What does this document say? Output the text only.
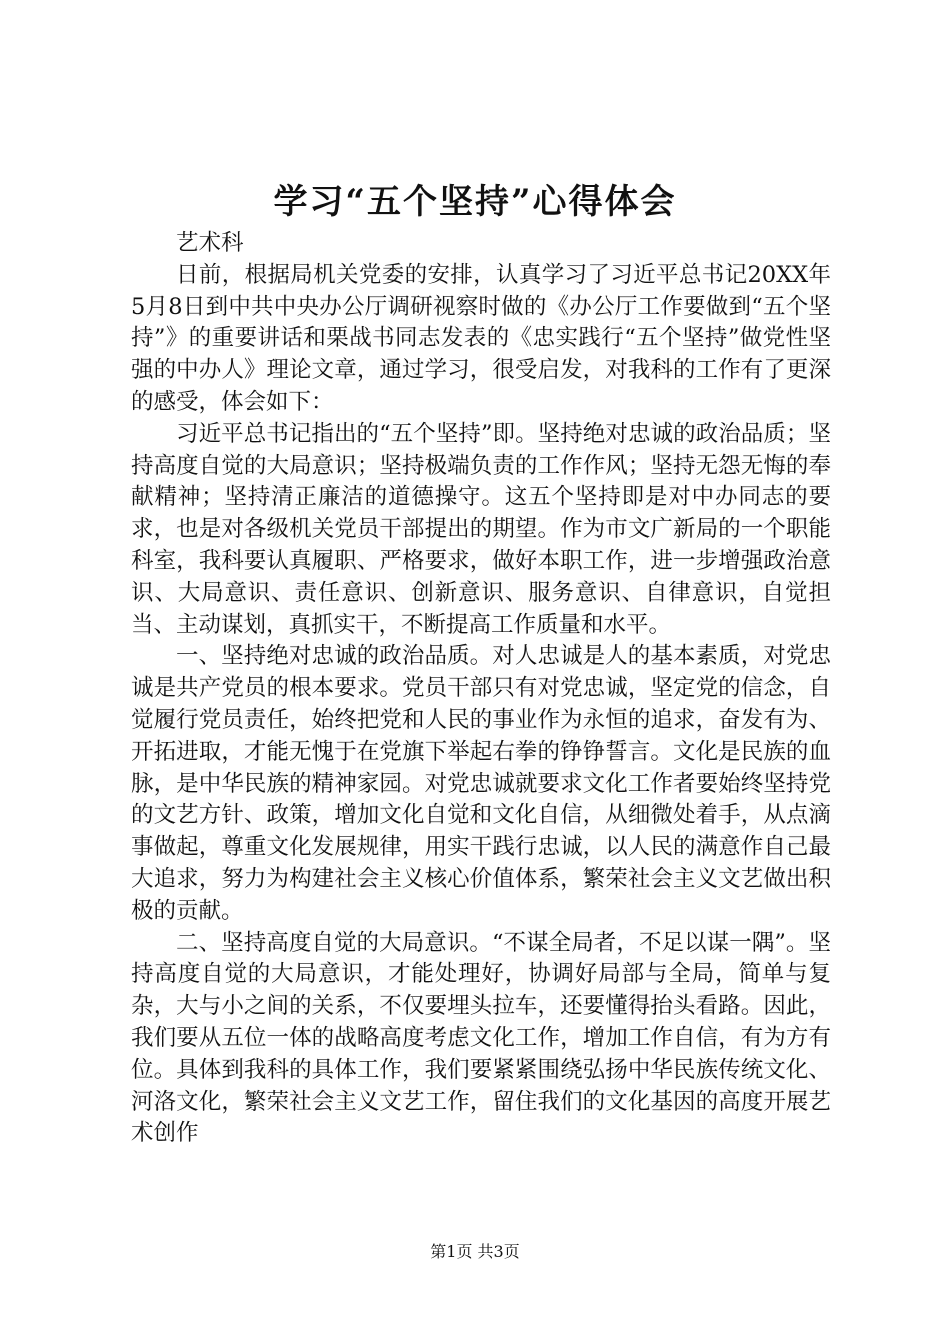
学习“五个坚持”心得体会

艺术科

日前，根据局机关党委的安排，认真学习了习近平总书记20XX年5月8日到中共中央办公厅调研视察时做的《办公厅工作要做到“五个坚持”》的重要讲话和栗战书同志发表的《忠实践行“五个坚持”做党性坚强的中办人》理论文章，通过学习，很受启发，对我科的工作有了更深的感受，体会如下：

习近平总书记指出的“五个坚持”即。坚持绝对忠诚的政治品质；坚持高度自觉的大局意识；坚持极端负责的工作作风；坚持无怨无悔的奉献精神；坚持清正廉洁的道德操守。这五个坚持即是对中办同志的要求，也是对各级机关党员干部提出的期望。作为市文广新局的一个职能科室，我科要认真履职、严格要求，做好本职工作，进一步增强政治意识、大局意识、责任意识、创新意识、服务意识、自律意识，自觉担当、主动谋划，真抓实干，不断提高工作质量和水平。

一、坚持绝对忠诚的政治品质。对人忠诚是人的基本素质，对党忠诚是共产党员的根本要求。党员干部只有对党忠诚，坚定党的信念，自觉履行党员责任，始终把党和人民的事业作为永恒的追求，奋发有为、开拓进取，才能无愧于在党旗下举起右拳的铮铮誓言。文化是民族的血脉，是中华民族的精神家园。对党忠诚就要求文化工作者要始终坚持党的文艺方针、政策，增加文化自觉和文化自信，从细微处着手，从点滴事做起，尊重文化发展规律，用实干践行忠诚，以人民的满意作自己最大追求，努力为构建社会主义核心价值体系，繁荣社会主义文艺做出积极的贡献。

二、坚持高度自觉的大局意识。“不谋全局者，不足以谋一隅”。坚持高度自觉的大局意识，才能处理好，协调好局部与全局，简单与复杂，大与小之间的关系，不仅要埋头拉车，还要懂得抬头看路。因此，我们要从五位一体的战略高度考虑文化工作，增加工作自信，有为方有位。具体到我科的具体工作，我们要紧紧围绕弘扬中华民族传统文化、河洛文化，繁荣社会主义文艺工作，留住我们的文化基因的高度开展艺术创作

第1页 共3页
